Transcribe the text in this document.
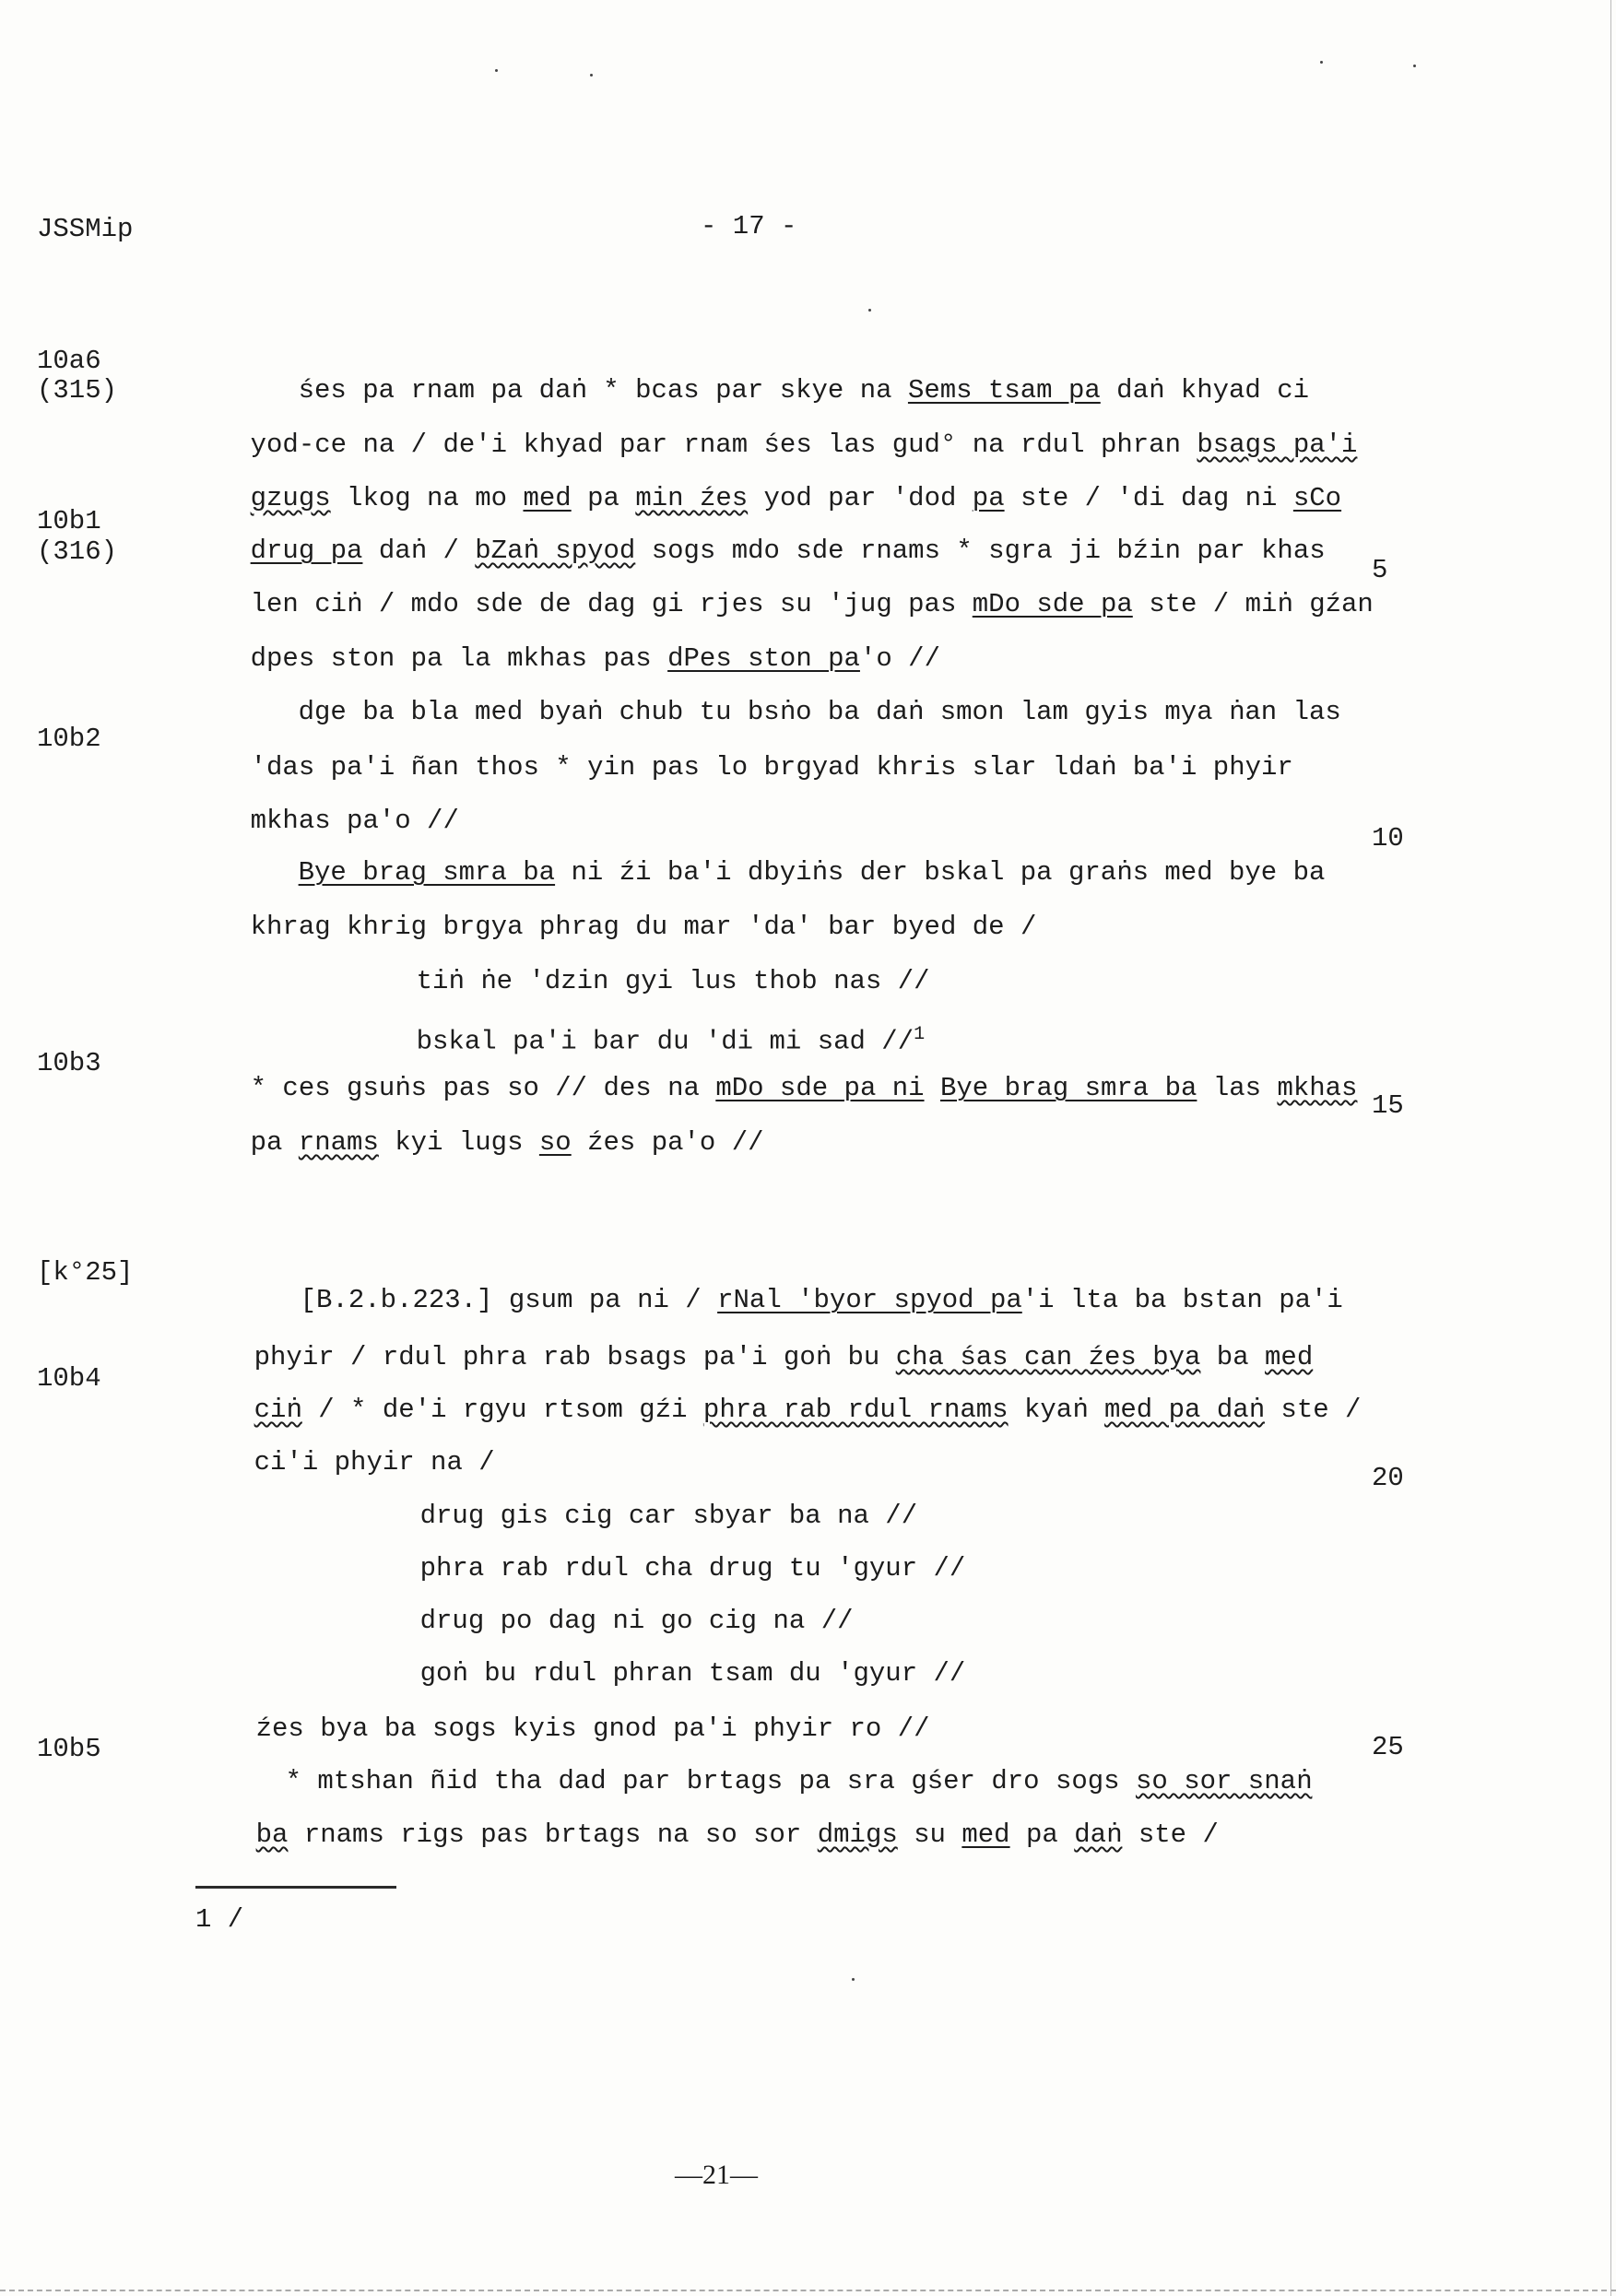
JSSMip	- 17 -
10a6
(315)
10b1
(316)
10b2
10b3
[k°25]
10b4
10b5
5
10
15
20
25

śes pa rnam pa daṅ * bcas par skye na Sems tsam pa daṅ khyad ci

yod-ce na / de'i khyad par rnam śes las gud° na rdul phran bsags pa'i

gzugs lkog na mo med pa min źes yod par 'dod pa ste / 'di dag ni sCo

drug pa daṅ / bZaṅ spyod sogs mdo sde rnams * sgra ji bźin par khas

len ciṅ / mdo sde de dag gi rjes su 'jug pas mDo sde pa ste / miṅ gźan

dpes ston pa la mkhas pas dPes ston pa'o //

dge ba bla med byaṅ chub tu bsṅo ba daṅ smon lam gyis mya ṅan las

'das pa'i ñan thos * yin pas lo brgyad khris slar ldaṅ ba'i phyir

mkhas pa'o //

Bye brag smra ba ni źi ba'i dbyiṅs der bskal pa graṅs med bye ba

khrag khrig brgya phrag du mar 'da' bar byed de /

tiṅ ṅe 'dzin gyi lus thob nas //

bskal pa'i bar du 'di mi sad //$^1$

* ces gsuṅs pas so // des na mDo sde pa ni Bye brag smra ba las mkhas

pa rnams kyi lugs so źes pa'o //

[B.2.b.223.] gsum pa ni / rNal 'byor spyod pa'i lta ba bstan pa'i

phyir / rdul phra rab bsags pa'i goṅ bu cha śas can źes bya ba med

ciṅ / * de'i rgyu rtsom gźi phra rab rdul rnams kyaṅ med pa daṅ ste /

ci'i phyir na /

drug gis cig car sbyar ba na //

phra rab rdul cha drug tu 'gyur //

drug po dag ni go cig na //

goṅ bu rdul phran tsam du 'gyur //

źes bya ba sogs kyis gnod pa'i phyir ro //

* mtshan ñid tha dad par brtags pa sra gśer dro sogs so sor snaṅ

ba rnams rigs pas brtags na so sor dmigs su med pa daṅ ste /

1 /
—21—
